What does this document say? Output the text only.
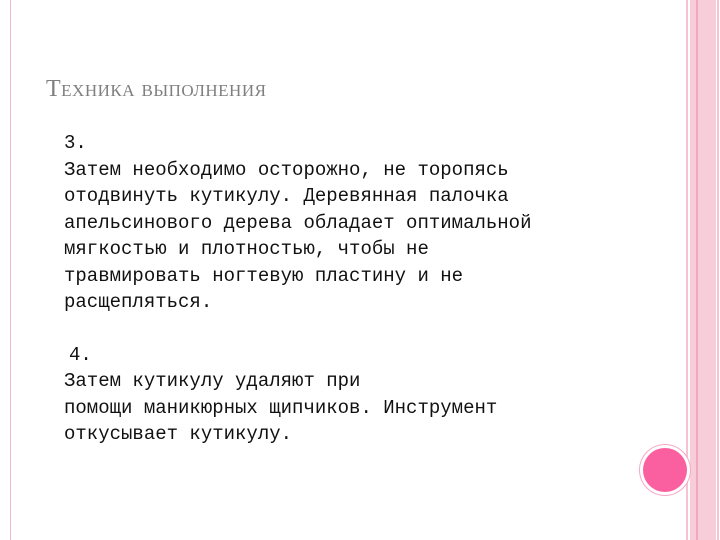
Техника выполнения
3.
Затем необходимо осторожно, не торопясь
отодвинуть кутикулу. Деревянная палочка
апельсинового дерева обладает оптимальной
мягкостью и плотностью, чтобы не
травмировать ногтевую пластину и не
расщепляться.
4.
Затем кутикулу удаляют при
помощи маникюрных щипчиков. Инструмент
откусывает кутикулу.
